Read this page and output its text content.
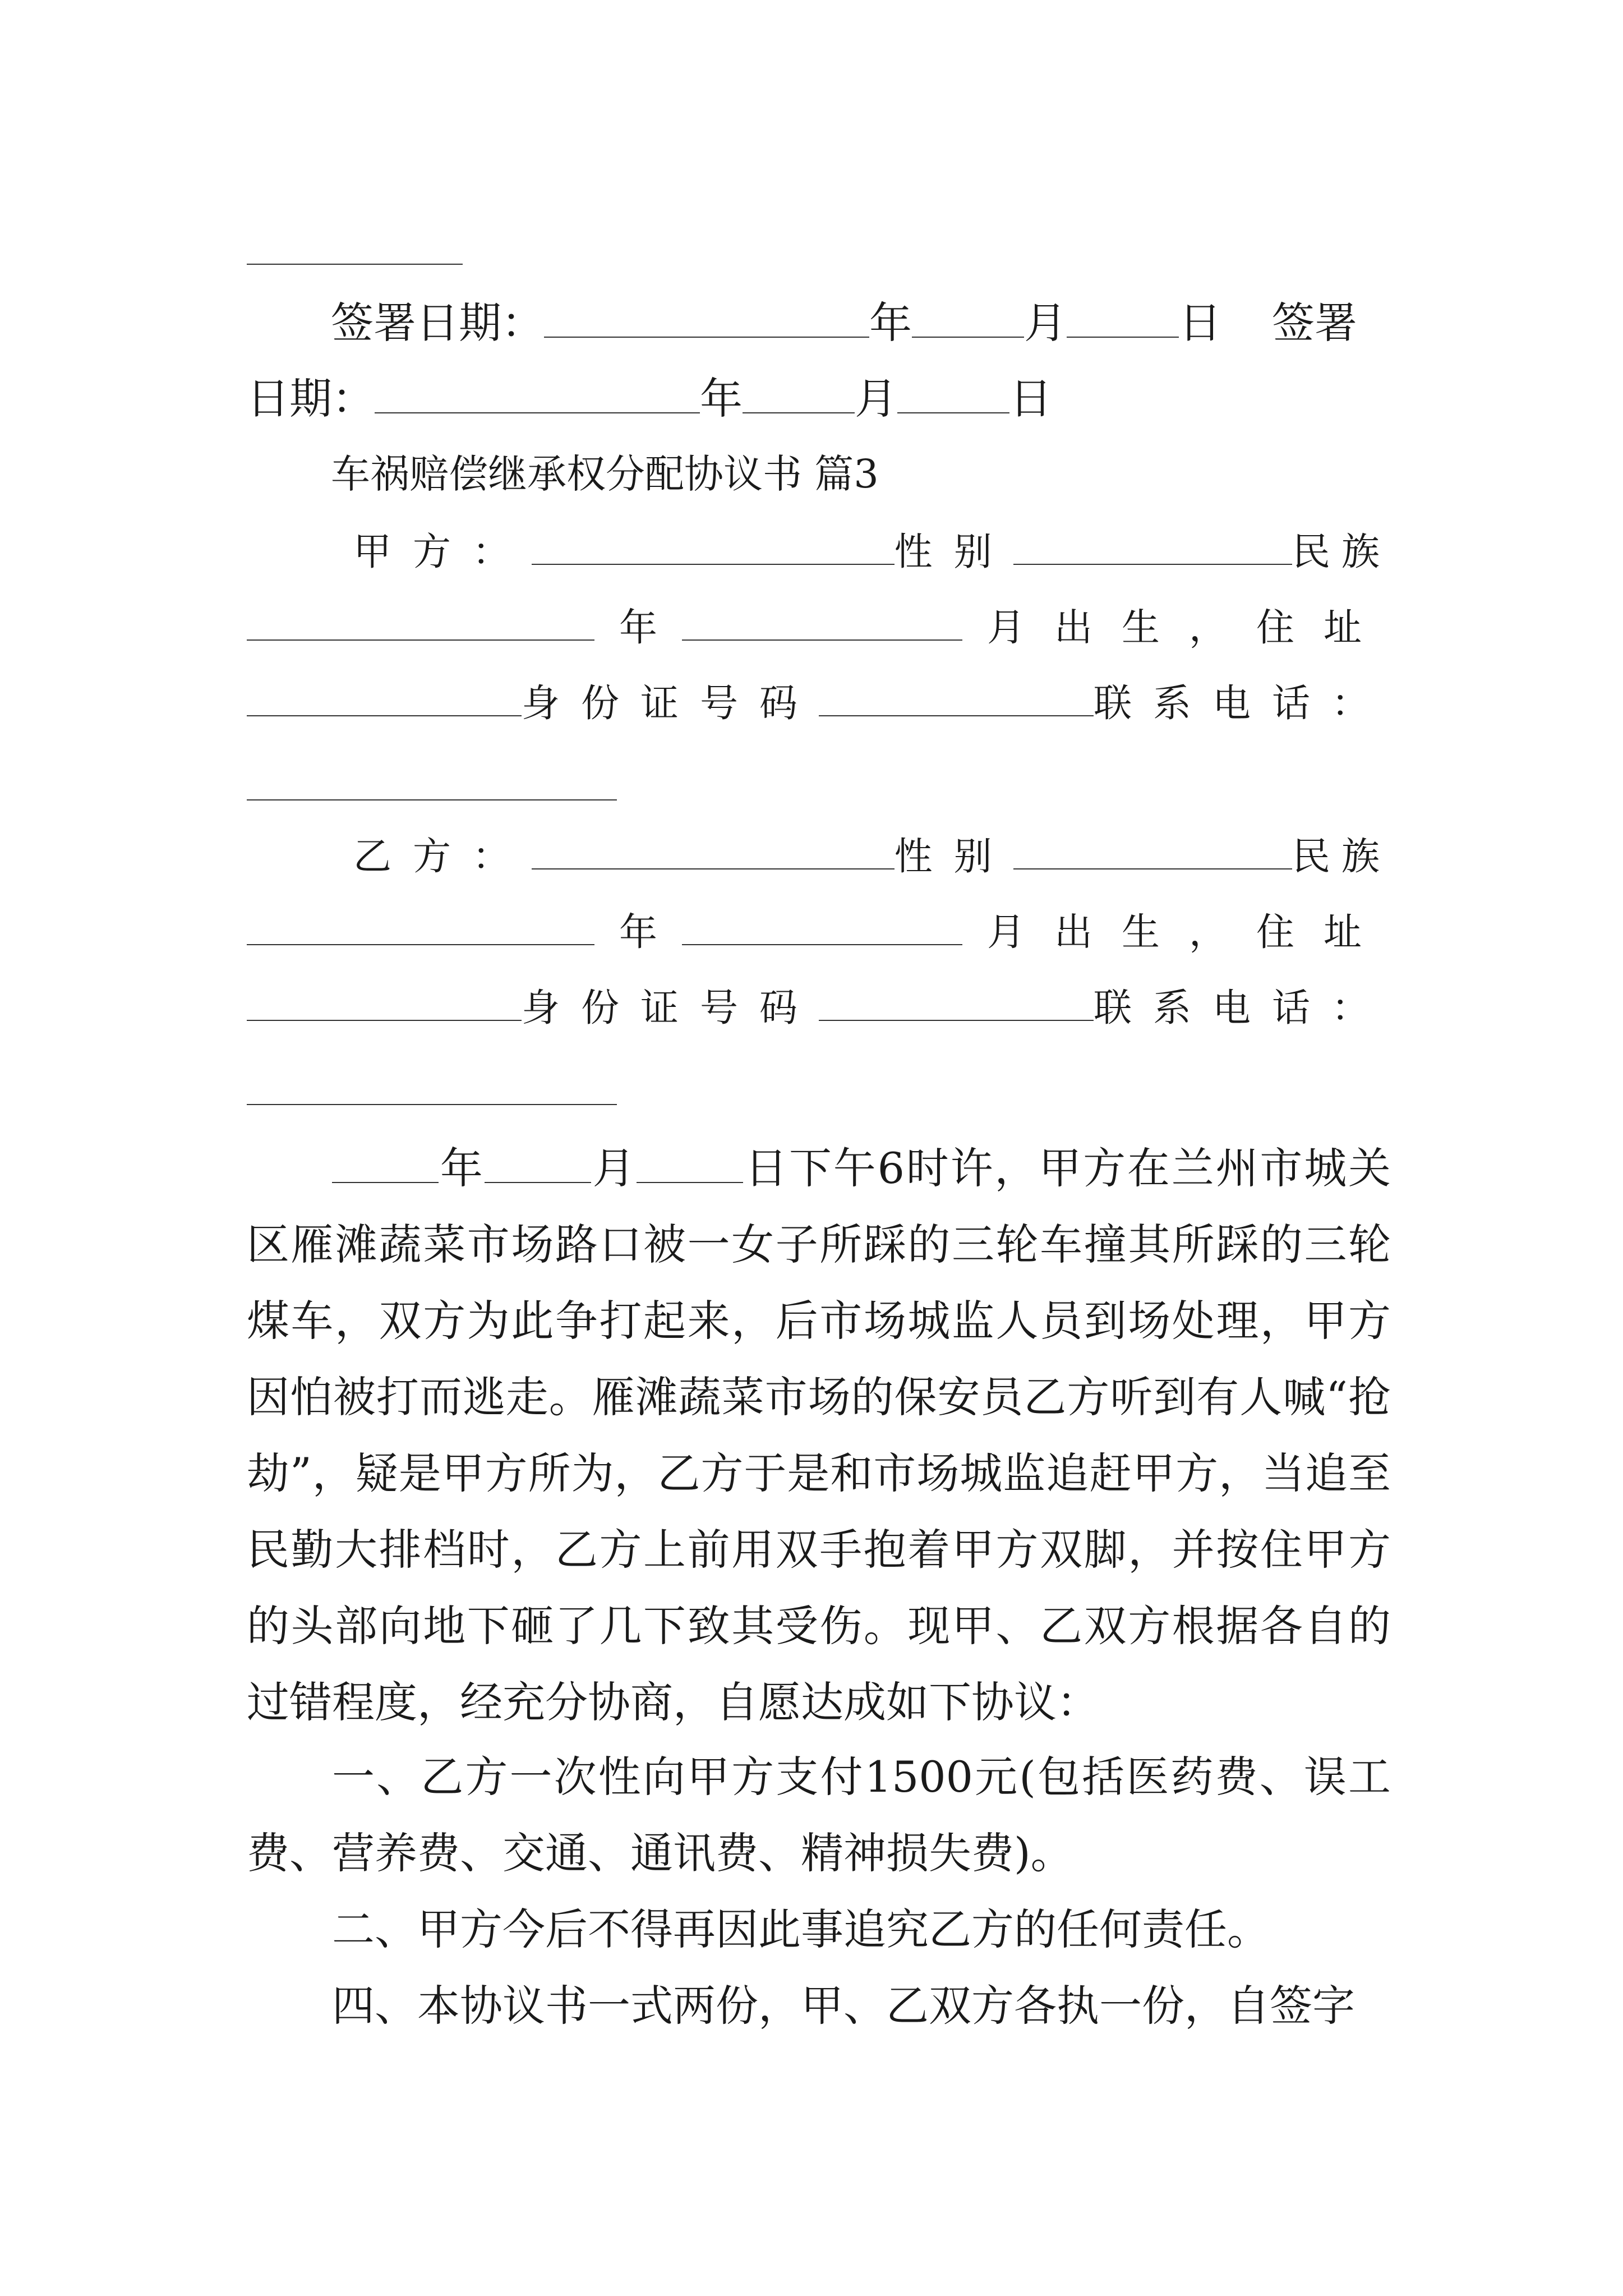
签署日期：	年	月	日 签署
日期：	年	月	日
车祸赔偿继承权分配协议书 篇3
甲方：	性别	民族
年	月出生，住址
身份证号码	联系电话：
乙方：	性别	民族
年	月出生，住址
身份证号码	联系电话：

年	月	日下午6时许，甲方在兰州市城关区雁滩蔬菜市场路口被一女子所踩的三轮车撞其所踩的三轮煤车，双方为此争打起来，后市场城监人员到场处理，甲方因怕被打而逃走。雁滩蔬菜市场的保安员乙方听到有人喊“抢劫”，疑是甲方所为，乙方于是和市场城监追赶甲方，当追至民勤大排档时，乙方上前用双手抱着甲方双脚，并按住甲方的头部向地下砸了几下致其受伤。现甲、乙双方根据各自的过错程度，经充分协商，自愿达成如下协议：

一、乙方一次性向甲方支付1500元(包括医药费、误工费、营养费、交通、通讯费、精神损失费)。

二、甲方今后不得再因此事追究乙方的任何责任。

四、本协议书一式两份，甲、乙双方各执一份，自签字
